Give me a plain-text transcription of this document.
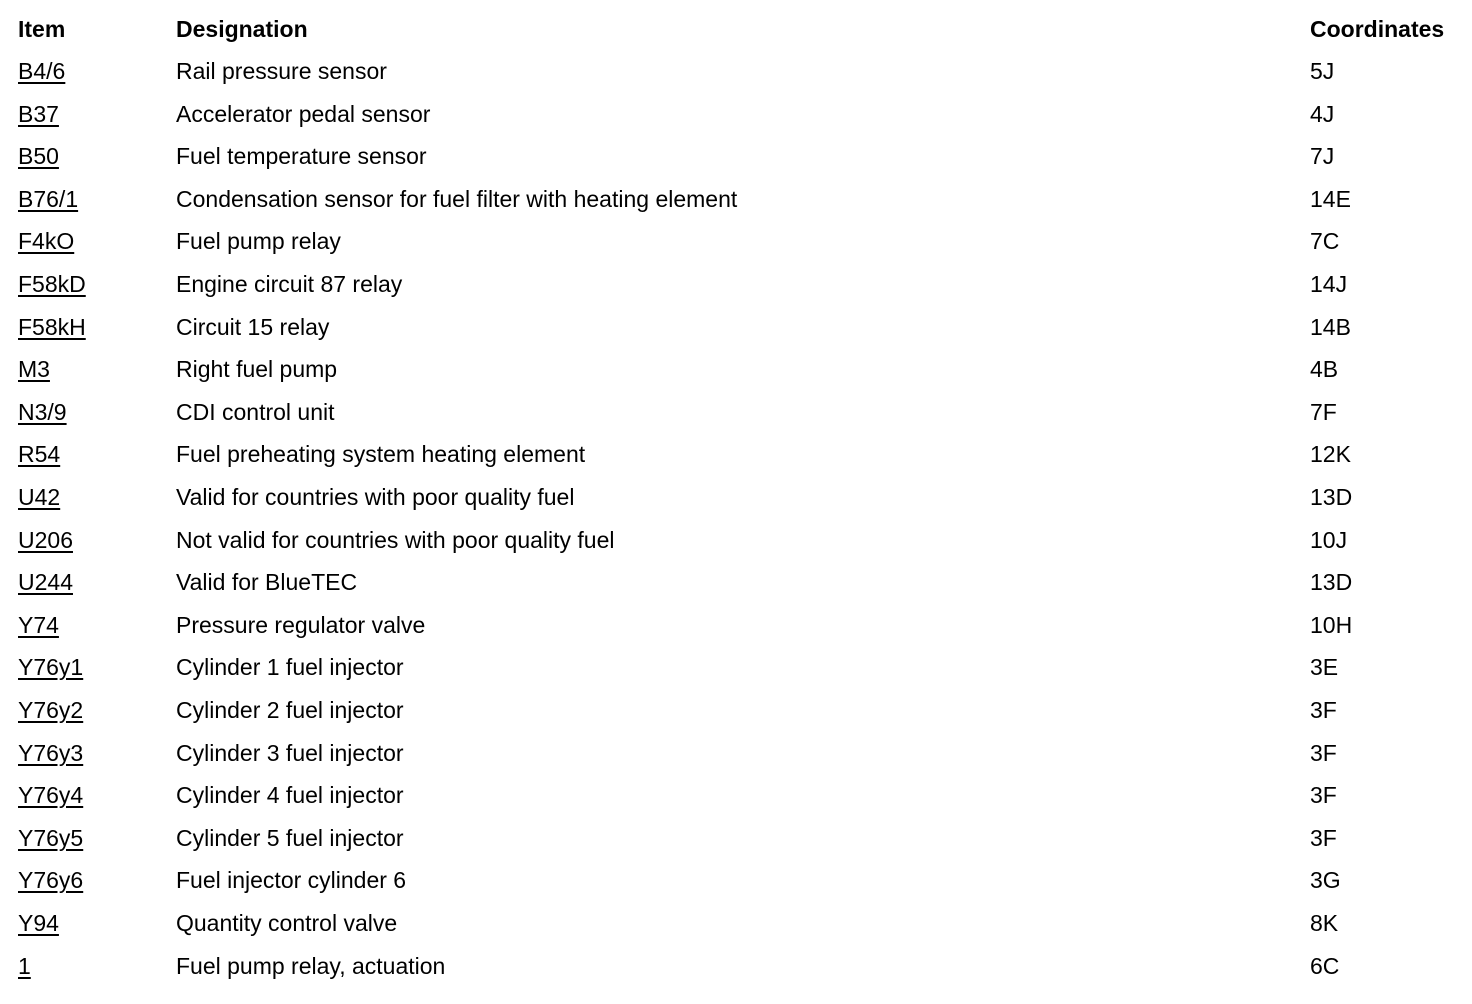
Item	Designation	Coordinates
B4/6	Rail pressure sensor	5J
B37	Accelerator pedal sensor	4J
B50	Fuel temperature sensor	7J
B76/1	Condensation sensor for fuel filter with heating element	14E
F4kO	Fuel pump relay	7C
F58kD	Engine circuit 87 relay	14J
F58kH	Circuit 15 relay	14B
M3	Right fuel pump	4B
N3/9	CDI control unit	7F
R54	Fuel preheating system heating element	12K
U42	Valid for countries with poor quality fuel	13D
U206	Not valid for countries with poor quality fuel	10J
U244	Valid for BlueTEC	13D
Y74	Pressure regulator valve	10H
Y76y1	Cylinder 1 fuel injector	3E
Y76y2	Cylinder 2 fuel injector	3F
Y76y3	Cylinder 3 fuel injector	3F
Y76y4	Cylinder 4 fuel injector	3F
Y76y5	Cylinder 5 fuel injector	3F
Y76y6	Fuel injector cylinder 6	3G
Y94	Quantity control valve	8K
1	Fuel pump relay, actuation	6C
